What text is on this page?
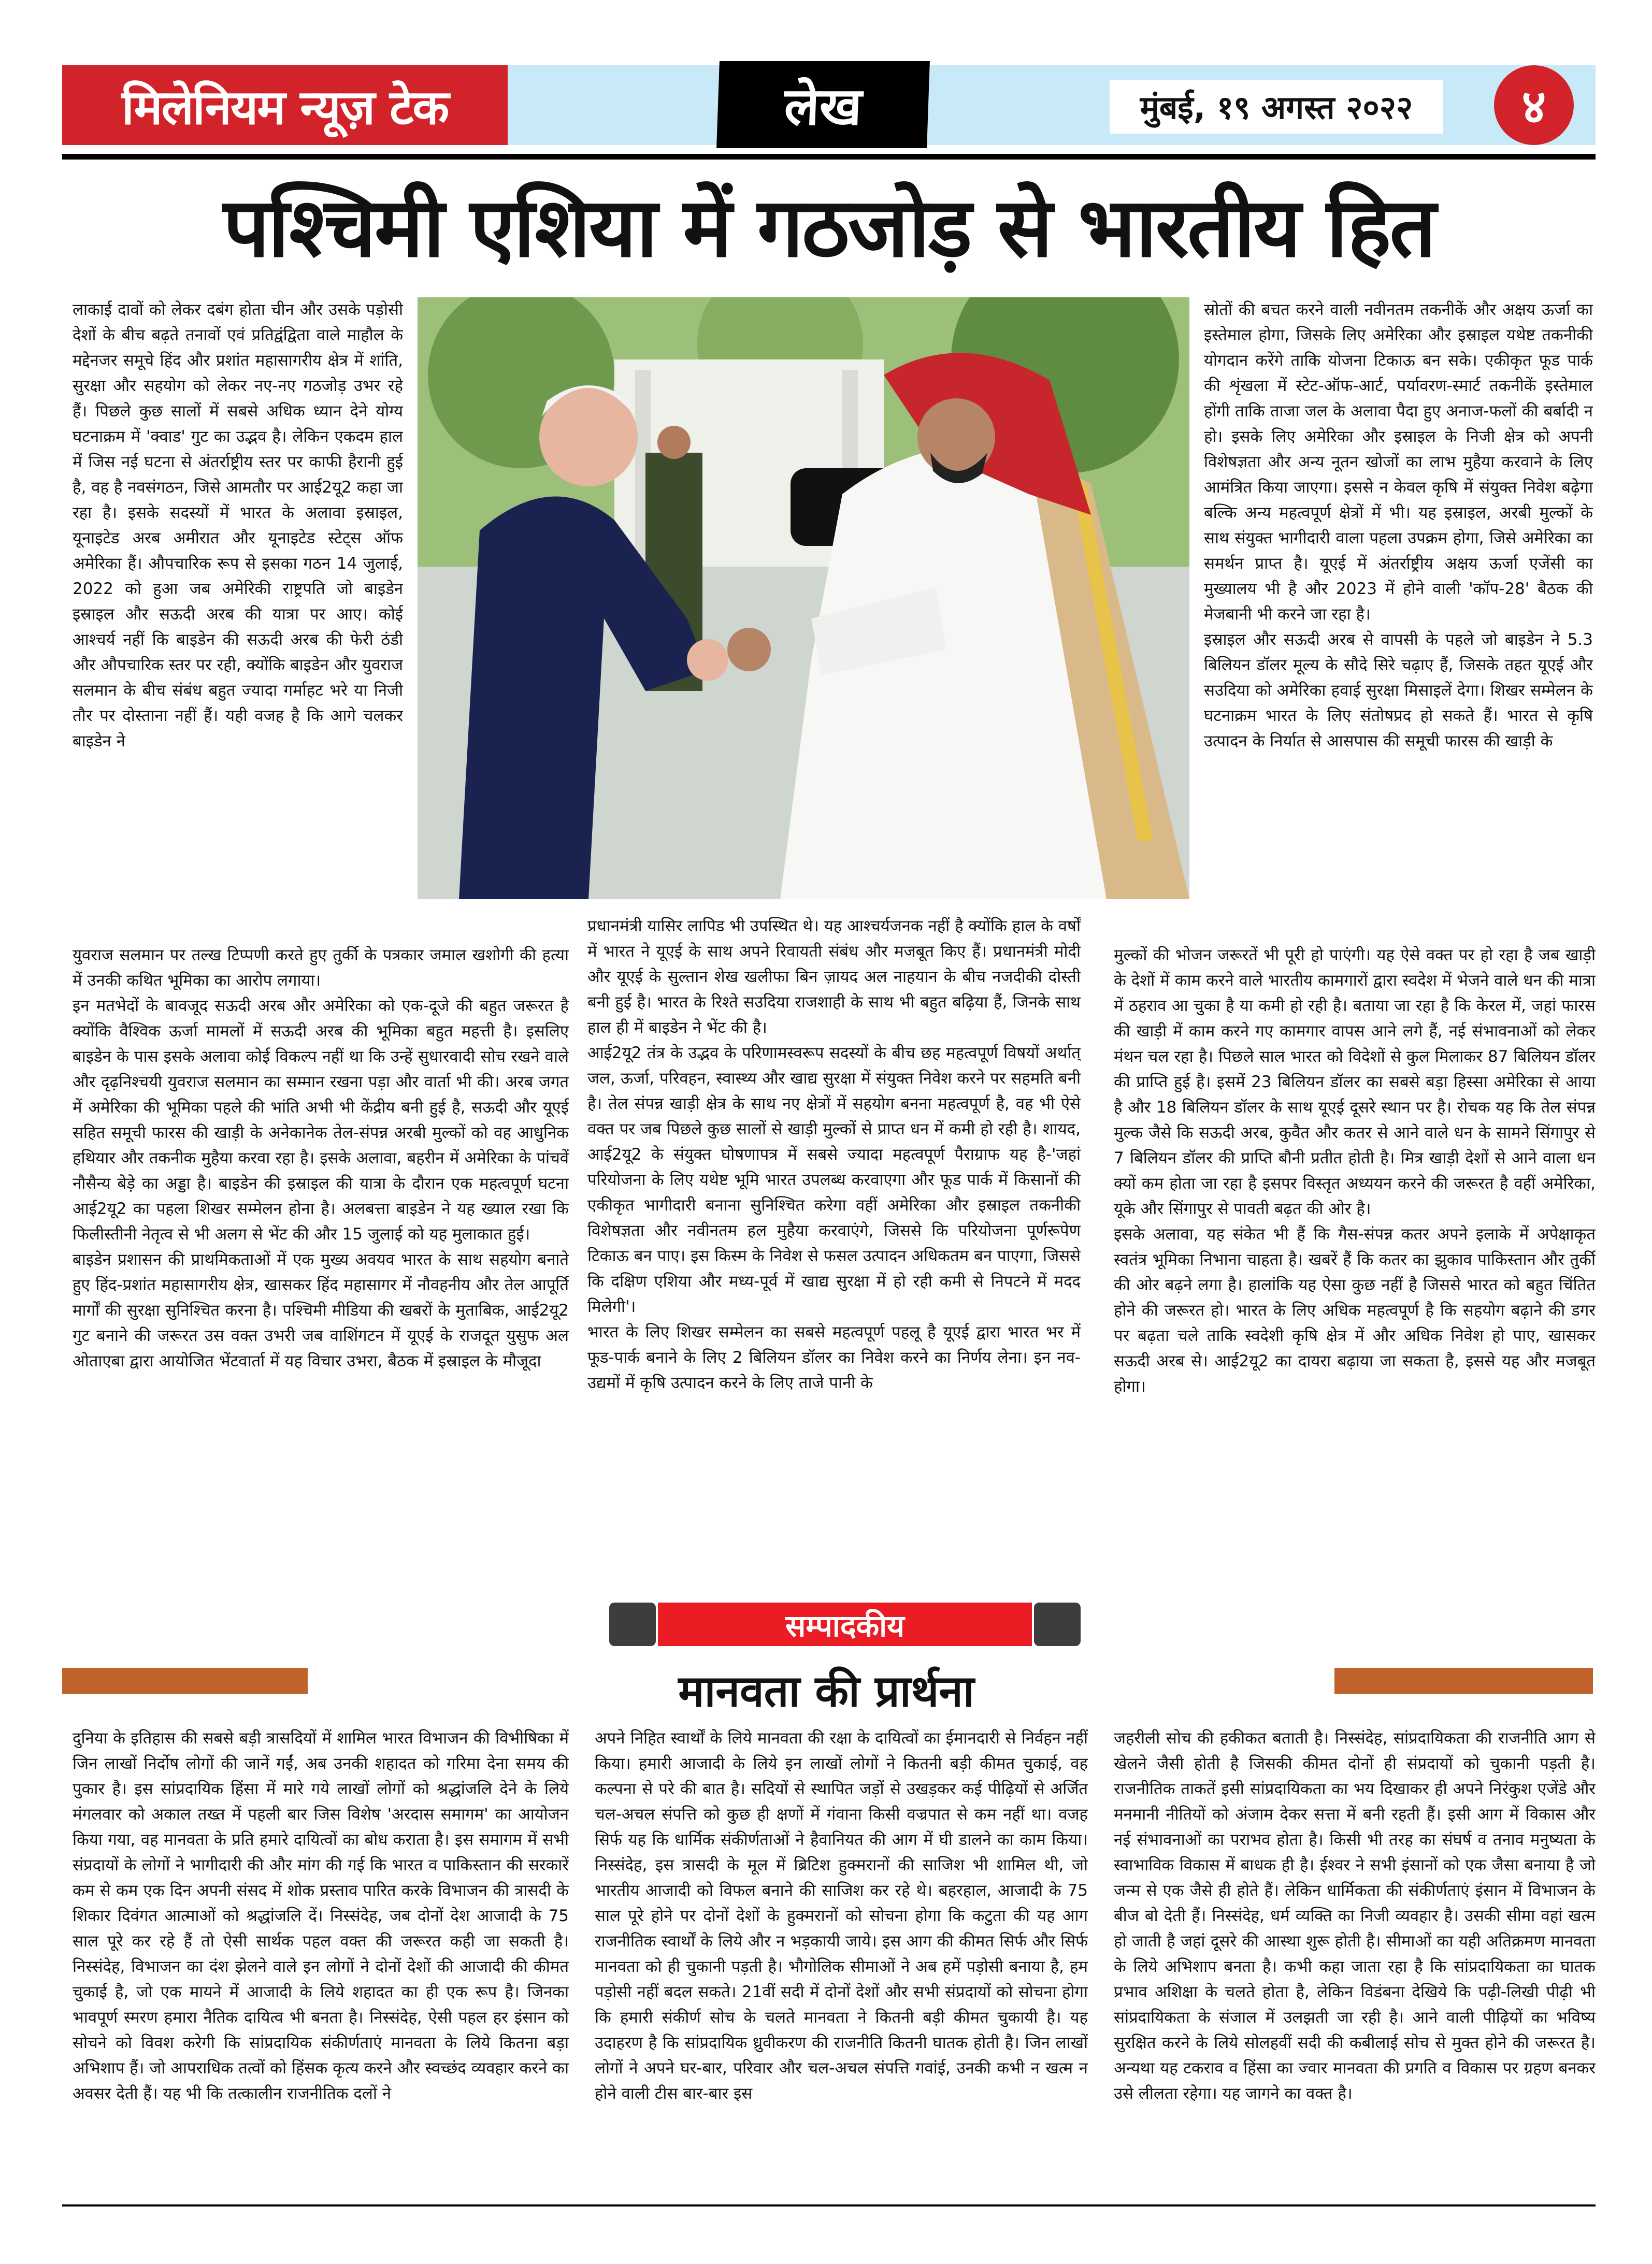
मिलेनियम न्यूज़ टेक	लेख	मुंबई, १९ अगस्त २०२२	४
पश्चिमी एशिया में गठजोड़ से भारतीय हित

लाकाई दावों को लेकर दबंग होता चीन और उसके पड़ोसी देशों के बीच बढ़ते तनावों एवं प्रतिद्वंद्विता वाले माहौल के मद्देनजर समूचे हिंद और प्रशांत महासागरीय क्षेत्र में शांति, सुरक्षा और सहयोग को लेकर नए-नए गठजोड़ उभर रहे हैं। पिछले कुछ सालों में सबसे अधिक ध्यान देने योग्य घटनाक्रम में 'क्वाड' गुट का उद्भव है। लेकिन एकदम हाल में जिस नई घटना से अंतर्राष्ट्रीय स्तर पर काफी हैरानी हुई है, वह है नवसंगठन, जिसे आमतौर पर आई2यू2 कहा जा रहा है। इसके सदस्यों में भारत के अलावा इस्राइल, यूनाइटेड अरब अमीरात और यूनाइटेड स्टेट्स ऑफ अमेरिका हैं। औपचारिक रूप से इसका गठन 14 जुलाई, 2022 को हुआ जब अमेरिकी राष्ट्रपति जो बाइडेन इस्राइल और सऊदी अरब की यात्रा पर आए। कोई आश्चर्य नहीं कि बाइडेन की सऊदी अरब की फेरी ठंडी और औपचारिक स्तर पर रही, क्योंकि बाइडेन और युवराज सलमान के बीच संबंध बहुत ज्यादा गर्माहट भरे या निजी तौर पर दोस्ताना नहीं हैं। यही वजह है कि आगे चलकर बाइडेन ने

युवराज सलमान पर तल्ख टिप्पणी करते हुए तुर्की के पत्रकार जमाल खशोगी की हत्या में उनकी कथित भूमिका का आरोप लगाया।

इन मतभेदों के बावजूद सऊदी अरब और अमेरिका को एक-दूजे की बहुत जरूरत है क्योंकि वैश्विक ऊर्जा मामलों में सऊदी अरब की भूमिका बहुत महत्ती है। इसलिए बाइडेन के पास इसके अलावा कोई विकल्प नहीं था कि उन्हें सुधारवादी सोच रखने वाले और दृढ़निश्चयी युवराज सलमान का सम्मान रखना पड़ा और वार्ता भी की। अरब जगत में अमेरिका की भूमिका पहले की भांति अभी भी केंद्रीय बनी हुई है, सऊदी और यूएई सहित समूची फारस की खाड़ी के अनेकानेक तेल-संपन्न अरबी मुल्कों को वह आधुनिक हथियार और तकनीक मुहैया करवा रहा है। इसके अलावा, बहरीन में अमेरिका के पांचवें नौसैन्य बेड़े का अड्डा है। बाइडेन की इस्राइल की यात्रा के दौरान एक महत्वपूर्ण घटना आई2यू2 का पहला शिखर सम्मेलन होना है। अलबत्ता बाइडेन ने यह ख्याल रखा कि फिलीस्तीनी नेतृत्व से भी अलग से भेंट की और 15 जुलाई को यह मुलाकात हुई।

बाइडेन प्रशासन की प्राथमिकताओं में एक मुख्य अवयव भारत के साथ सहयोग बनाते हुए हिंद-प्रशांत महासागरीय क्षेत्र, खासकर हिंद महासागर में नौवहनीय और तेल आपूर्ति मार्गों की सुरक्षा सुनिश्चित करना है। पश्चिमी मीडिया की खबरों के मुताबिक, आई2यू2 गुट बनाने की जरूरत उस वक्त उभरी जब वाशिंगटन में यूएई के राजदूत युसुफ अल ओताएबा द्वारा आयोजित भेंटवार्ता में यह विचार उभरा, बैठक में इस्राइल के मौजूदा

प्रधानमंत्री यासिर लापिड भी उपस्थित थे। यह आश्चर्यजनक नहीं है क्योंकि हाल के वर्षों में भारत ने यूएई के साथ अपने रिवायती संबंध और मजबूत किए हैं। प्रधानमंत्री मोदी और यूएई के सुल्तान शेख खलीफा बिन ज़ायद अल नाहयान के बीच नजदीकी दोस्ती बनी हुई है। भारत के रिश्ते सउदिया राजशाही के साथ भी बहुत बढ़िया हैं, जिनके साथ हाल ही में बाइडेन ने भेंट की है।

आई2यू2 तंत्र के उद्भव के परिणामस्वरूप सदस्यों के बीच छह महत्वपूर्ण विषयों अर्थात् जल, ऊर्जा, परिवहन, स्वास्थ्य और खाद्य सुरक्षा में संयुक्त निवेश करने पर सहमति बनी है। तेल संपन्न खाड़ी क्षेत्र के साथ नए क्षेत्रों में सहयोग बनना महत्वपूर्ण है, वह भी ऐसे वक्त पर जब पिछले कुछ सालों से खाड़ी मुल्कों से प्राप्त धन में कमी हो रही है। शायद, आई2यू2 के संयुक्त घोषणापत्र में सबसे ज्यादा महत्वपूर्ण पैराग्राफ यह है-'जहां परियोजना के लिए यथेष्ट भूमि भारत उपलब्ध करवाएगा और फूड पार्क में किसानों की एकीकृत भागीदारी बनाना सुनिश्चित करेगा वहीं अमेरिका और इस्राइल तकनीकी विशेषज्ञता और नवीनतम हल मुहैया करवाएंगे, जिससे कि परियोजना पूर्णरूपेण टिकाऊ बन पाए। इस किस्म के निवेश से फसल उत्पादन अधिकतम बन पाएगा, जिससे कि दक्षिण एशिया और मध्य-पूर्व में खाद्य सुरक्षा में हो रही कमी से निपटने में मदद मिलेगी'।

भारत के लिए शिखर सम्मेलन का सबसे महत्वपूर्ण पहलू है यूएई द्वारा भारत भर में फूड-पार्क बनाने के लिए 2 बिलियन डॉलर का निवेश करने का निर्णय लेना। इन नव-उद्यमों में कृषि उत्पादन करने के लिए ताजे पानी के

स्रोतों की बचत करने वाली नवीनतम तकनीकें और अक्षय ऊर्जा का इस्तेमाल होगा, जिसके लिए अमेरिका और इस्राइल यथेष्ट तकनीकी योगदान करेंगे ताकि योजना टिकाऊ बन सके। एकीकृत फूड पार्क की शृंखला में स्टेट-ऑफ-आर्ट, पर्यावरण-स्मार्ट तकनीकें इस्तेमाल होंगी ताकि ताजा जल के अलावा पैदा हुए अनाज-फलों की बर्बादी न हो। इसके लिए अमेरिका और इस्राइल के निजी क्षेत्र को अपनी विशेषज्ञता और अन्य नूतन खोजों का लाभ मुहैया करवाने के लिए आमंत्रित किया जाएगा। इससे न केवल कृषि में संयुक्त निवेश बढ़ेगा बल्कि अन्य महत्वपूर्ण क्षेत्रों में भी। यह इस्राइल, अरबी मुल्कों के साथ संयुक्त भागीदारी वाला पहला उपक्रम होगा, जिसे अमेरिका का समर्थन प्राप्त है। यूएई में अंतर्राष्ट्रीय अक्षय ऊर्जा एजेंसी का मुख्यालय भी है और 2023 में होने वाली 'कॉप-28' बैठक की मेजबानी भी करने जा रहा है।

इस्राइल और सऊदी अरब से वापसी के पहले जो बाइडेन ने 5.3 बिलियन डॉलर मूल्य के सौदे सिरे चढ़ाए हैं, जिसके तहत यूएई और सउदिया को अमेरिका हवाई सुरक्षा मिसाइलें देगा। शिखर सम्मेलन के घटनाक्रम भारत के लिए संतोषप्रद हो सकते हैं। भारत से कृषि उत्पादन के निर्यात से आसपास की समूची फारस की खाड़ी के

मुल्कों की भोजन जरूरतें भी पूरी हो पाएंगी। यह ऐसे वक्त पर हो रहा है जब खाड़ी के देशों में काम करने वाले भारतीय कामगारों द्वारा स्वदेश में भेजने वाले धन की मात्रा में ठहराव आ चुका है या कमी हो रही है। बताया जा रहा है कि केरल में, जहां फारस की खाड़ी में काम करने गए कामगार वापस आने लगे हैं, नई संभावनाओं को लेकर मंथन चल रहा है। पिछले साल भारत को विदेशों से कुल मिलाकर 87 बिलियन डॉलर की प्राप्ति हुई है। इसमें 23 बिलियन डॉलर का सबसे बड़ा हिस्सा अमेरिका से आया है और 18 बिलियन डॉलर के साथ यूएई दूसरे स्थान पर है। रोचक यह कि तेल संपन्न मुल्क जैसे कि सऊदी अरब, कुवैत और कतर से आने वाले धन के सामने सिंगापुर से 7 बिलियन डॉलर की प्राप्ति बौनी प्रतीत होती है। मित्र खाड़ी देशों से आने वाला धन क्यों कम होता जा रहा है इसपर विस्तृत अध्ययन करने की जरूरत है वहीं अमेरिका, यूके और सिंगापुर से पावती बढ़त की ओर है।

इसके अलावा, यह संकेत भी हैं कि गैस-संपन्न कतर अपने इलाके में अपेक्षाकृत स्वतंत्र भूमिका निभाना चाहता है। खबरें हैं कि कतर का झुकाव पाकिस्तान और तुर्की की ओर बढ़ने लगा है। हालांकि यह ऐसा कुछ नहीं है जिससे भारत को बहुत चिंतित होने की जरूरत हो। भारत के लिए अधिक महत्वपूर्ण है कि सहयोग बढ़ाने की डगर पर बढ़ता चले ताकि स्वदेशी कृषि क्षेत्र में और अधिक निवेश हो पाए, खासकर सऊदी अरब से। आई2यू2 का दायरा बढ़ाया जा सकता है, इससे यह और मजबूत होगा।

सम्पादकीय
मानवता की प्रार्थना

दुनिया के इतिहास की सबसे बड़ी त्रासदियों में शामिल भारत विभाजन की विभीषिका में जिन लाखों निर्दोष लोगों की जानें गईं, अब उनकी शहादत को गरिमा देना समय की पुकार है। इस सांप्रदायिक हिंसा में मारे गये लाखों लोगों को श्रद्धांजलि देने के लिये मंगलवार को अकाल तख्त में पहली बार जिस विशेष 'अरदास समागम' का आयोजन किया गया, वह मानवता के प्रति हमारे दायित्वों का बोध कराता है। इस समागम में सभी संप्रदायों के लोगों ने भागीदारी की और मांग की गई कि भारत व पाकिस्तान की सरकारें कम से कम एक दिन अपनी संसद में शोक प्रस्ताव पारित करके विभाजन की त्रासदी के शिकार दिवंगत आत्माओं को श्रद्धांजलि दें। निस्संदेह, जब दोनों देश आजादी के 75 साल पूरे कर रहे हैं तो ऐसी सार्थक पहल वक्त की जरूरत कही जा सकती है। निस्संदेह, विभाजन का दंश झेलने वाले इन लोगों ने दोनों देशों की आजादी की कीमत चुकाई है, जो एक मायने में आजादी के लिये शहादत का ही एक रूप है। जिनका भावपूर्ण स्मरण हमारा नैतिक दायित्व भी बनता है। निस्संदेह, ऐसी पहल हर इंसान को सोचने को विवश करेगी कि सांप्रदायिक संकीर्णताएं मानवता के लिये कितना बड़ा अभिशाप हैं। जो आपराधिक तत्वों को हिंसक कृत्य करने और स्वच्छंद व्यवहार करने का अवसर देती हैं। यह भी कि तत्कालीन राजनीतिक दलों ने

अपने निहित स्वार्थों के लिये मानवता की रक्षा के दायित्वों का ईमानदारी से निर्वहन नहीं किया। हमारी आजादी के लिये इन लाखों लोगों ने कितनी बड़ी कीमत चुकाई, वह कल्पना से परे की बात है। सदियों से स्थापित जड़ों से उखड़कर कई पीढ़ियों से अर्जित चल-अचल संपत्ति को कुछ ही क्षणों में गंवाना किसी वज्रपात से कम नहीं था। वजह सिर्फ यह कि धार्मिक संकीर्णताओं ने हैवानियत की आग में घी डालने का काम किया। निस्संदेह, इस त्रासदी के मूल में ब्रिटिश हुक्मरानों की साजिश भी शामिल थी, जो भारतीय आजादी को विफल बनाने की साजिश कर रहे थे। बहरहाल, आजादी के 75 साल पूरे होने पर दोनों देशों के हुक्मरानों को सोचना होगा कि कटुता की यह आग राजनीतिक स्वार्थों के लिये और न भड़कायी जाये। इस आग की कीमत सिर्फ और सिर्फ मानवता को ही चुकानी पड़ती है। भौगोलिक सीमाओं ने अब हमें पड़ोसी बनाया है, हम पड़ोसी नहीं बदल सकते। 21वीं सदी में दोनों देशों और सभी संप्रदायों को सोचना होगा कि हमारी संकीर्ण सोच के चलते मानवता ने कितनी बड़ी कीमत चुकायी है। यह उदाहरण है कि सांप्रदायिक ध्रुवीकरण की राजनीति कितनी घातक होती है। जिन लाखों लोगों ने अपने घर-बार, परिवार और चल-अचल संपत्ति गवांई, उनकी कभी न खत्म न होने वाली टीस बार-बार इस

जहरीली सोच की हकीकत बताती है। निस्संदेह, सांप्रदायिकता की राजनीति आग से खेलने जैसी होती है जिसकी कीमत दोनों ही संप्रदायों को चुकानी पड़ती है। राजनीतिक ताकतें इसी सांप्रदायिकता का भय दिखाकर ही अपने निरंकुश एजेंडे और मनमानी नीतियों को अंजाम देकर सत्ता में बनी रहती हैं। इसी आग में विकास और नई संभावनाओं का पराभव होता है। किसी भी तरह का संघर्ष व तनाव मनुष्यता के स्वाभाविक विकास में बाधक ही है। ईश्वर ने सभी इंसानों को एक जैसा बनाया है जो जन्म से एक जैसे ही होते हैं। लेकिन धार्मिकता की संकीर्णताएं इंसान में विभाजन के बीज बो देती हैं। निस्संदेह, धर्म व्यक्ति का निजी व्यवहार है। उसकी सीमा वहां खत्म हो जाती है जहां दूसरे की आस्था शुरू होती है। सीमाओं का यही अतिक्रमण मानवता के लिये अभिशाप बनता है। कभी कहा जाता रहा है कि सांप्रदायिकता का घातक प्रभाव अशिक्षा के चलते होता है, लेकिन विडंबना देखिये कि पढ़ी-लिखी पीढ़ी भी सांप्रदायिकता के संजाल में उलझती जा रही है। आने वाली पीढ़ियों का भविष्य सुरक्षित करने के लिये सोलहवीं सदी की कबीलाई सोच से मुक्त होने की जरूरत है। अन्यथा यह टकराव व हिंसा का ज्वार मानवता की प्रगति व विकास पर ग्रहण बनकर उसे लीलता रहेगा। यह जागने का वक्त है।
